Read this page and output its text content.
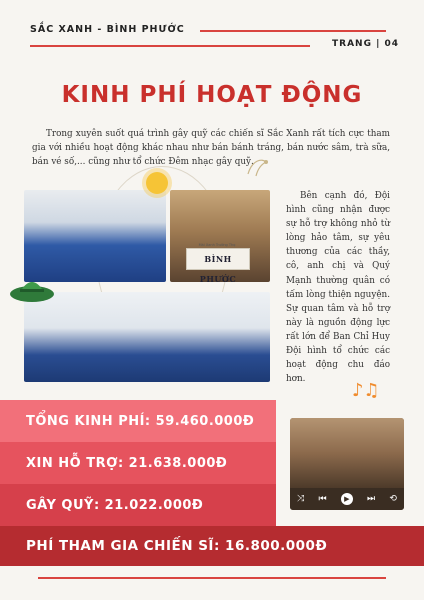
SẮC XANH - BÌNH PHƯỚC
TRANG | 04
KINH PHÍ HOẠT ĐỘNG
Trong xuyên suốt quá trình gây quỹ các chiến sĩ Sắc Xanh rất tích cực tham gia với nhiều hoạt động khác nhau như bán bánh tráng, bán nước sâm, trà sữa, bán vé số,... cũng như tổ chức Đêm nhạc gây quỹ.
Mái Xanh Trường Thọ
BÌNH PHƯỚC
Bên cạnh đó, Đội hình cũng nhận được sự hỗ trợ không nhỏ từ lòng hảo tâm, sự yêu thương của các thầy, cô, anh chị và Quý Mạnh thường quân có tấm lòng thiện nguyện. Sự quan tâm và hỗ trợ này là nguồn động lực rất lớn để Ban Chỉ Huy Đội hình tổ chức các hoạt động chu đáo hơn.
♪♫
TỔNG KINH PHÍ: 59.460.000Đ
XIN HỖ TRỢ: 21.638.000Đ
GÂY QUỸ: 21.022.000Đ	⤨ ⏮	▶	⏭ ⟲
PHÍ THAM GIA CHIẾN SĨ: 16.800.000Đ
